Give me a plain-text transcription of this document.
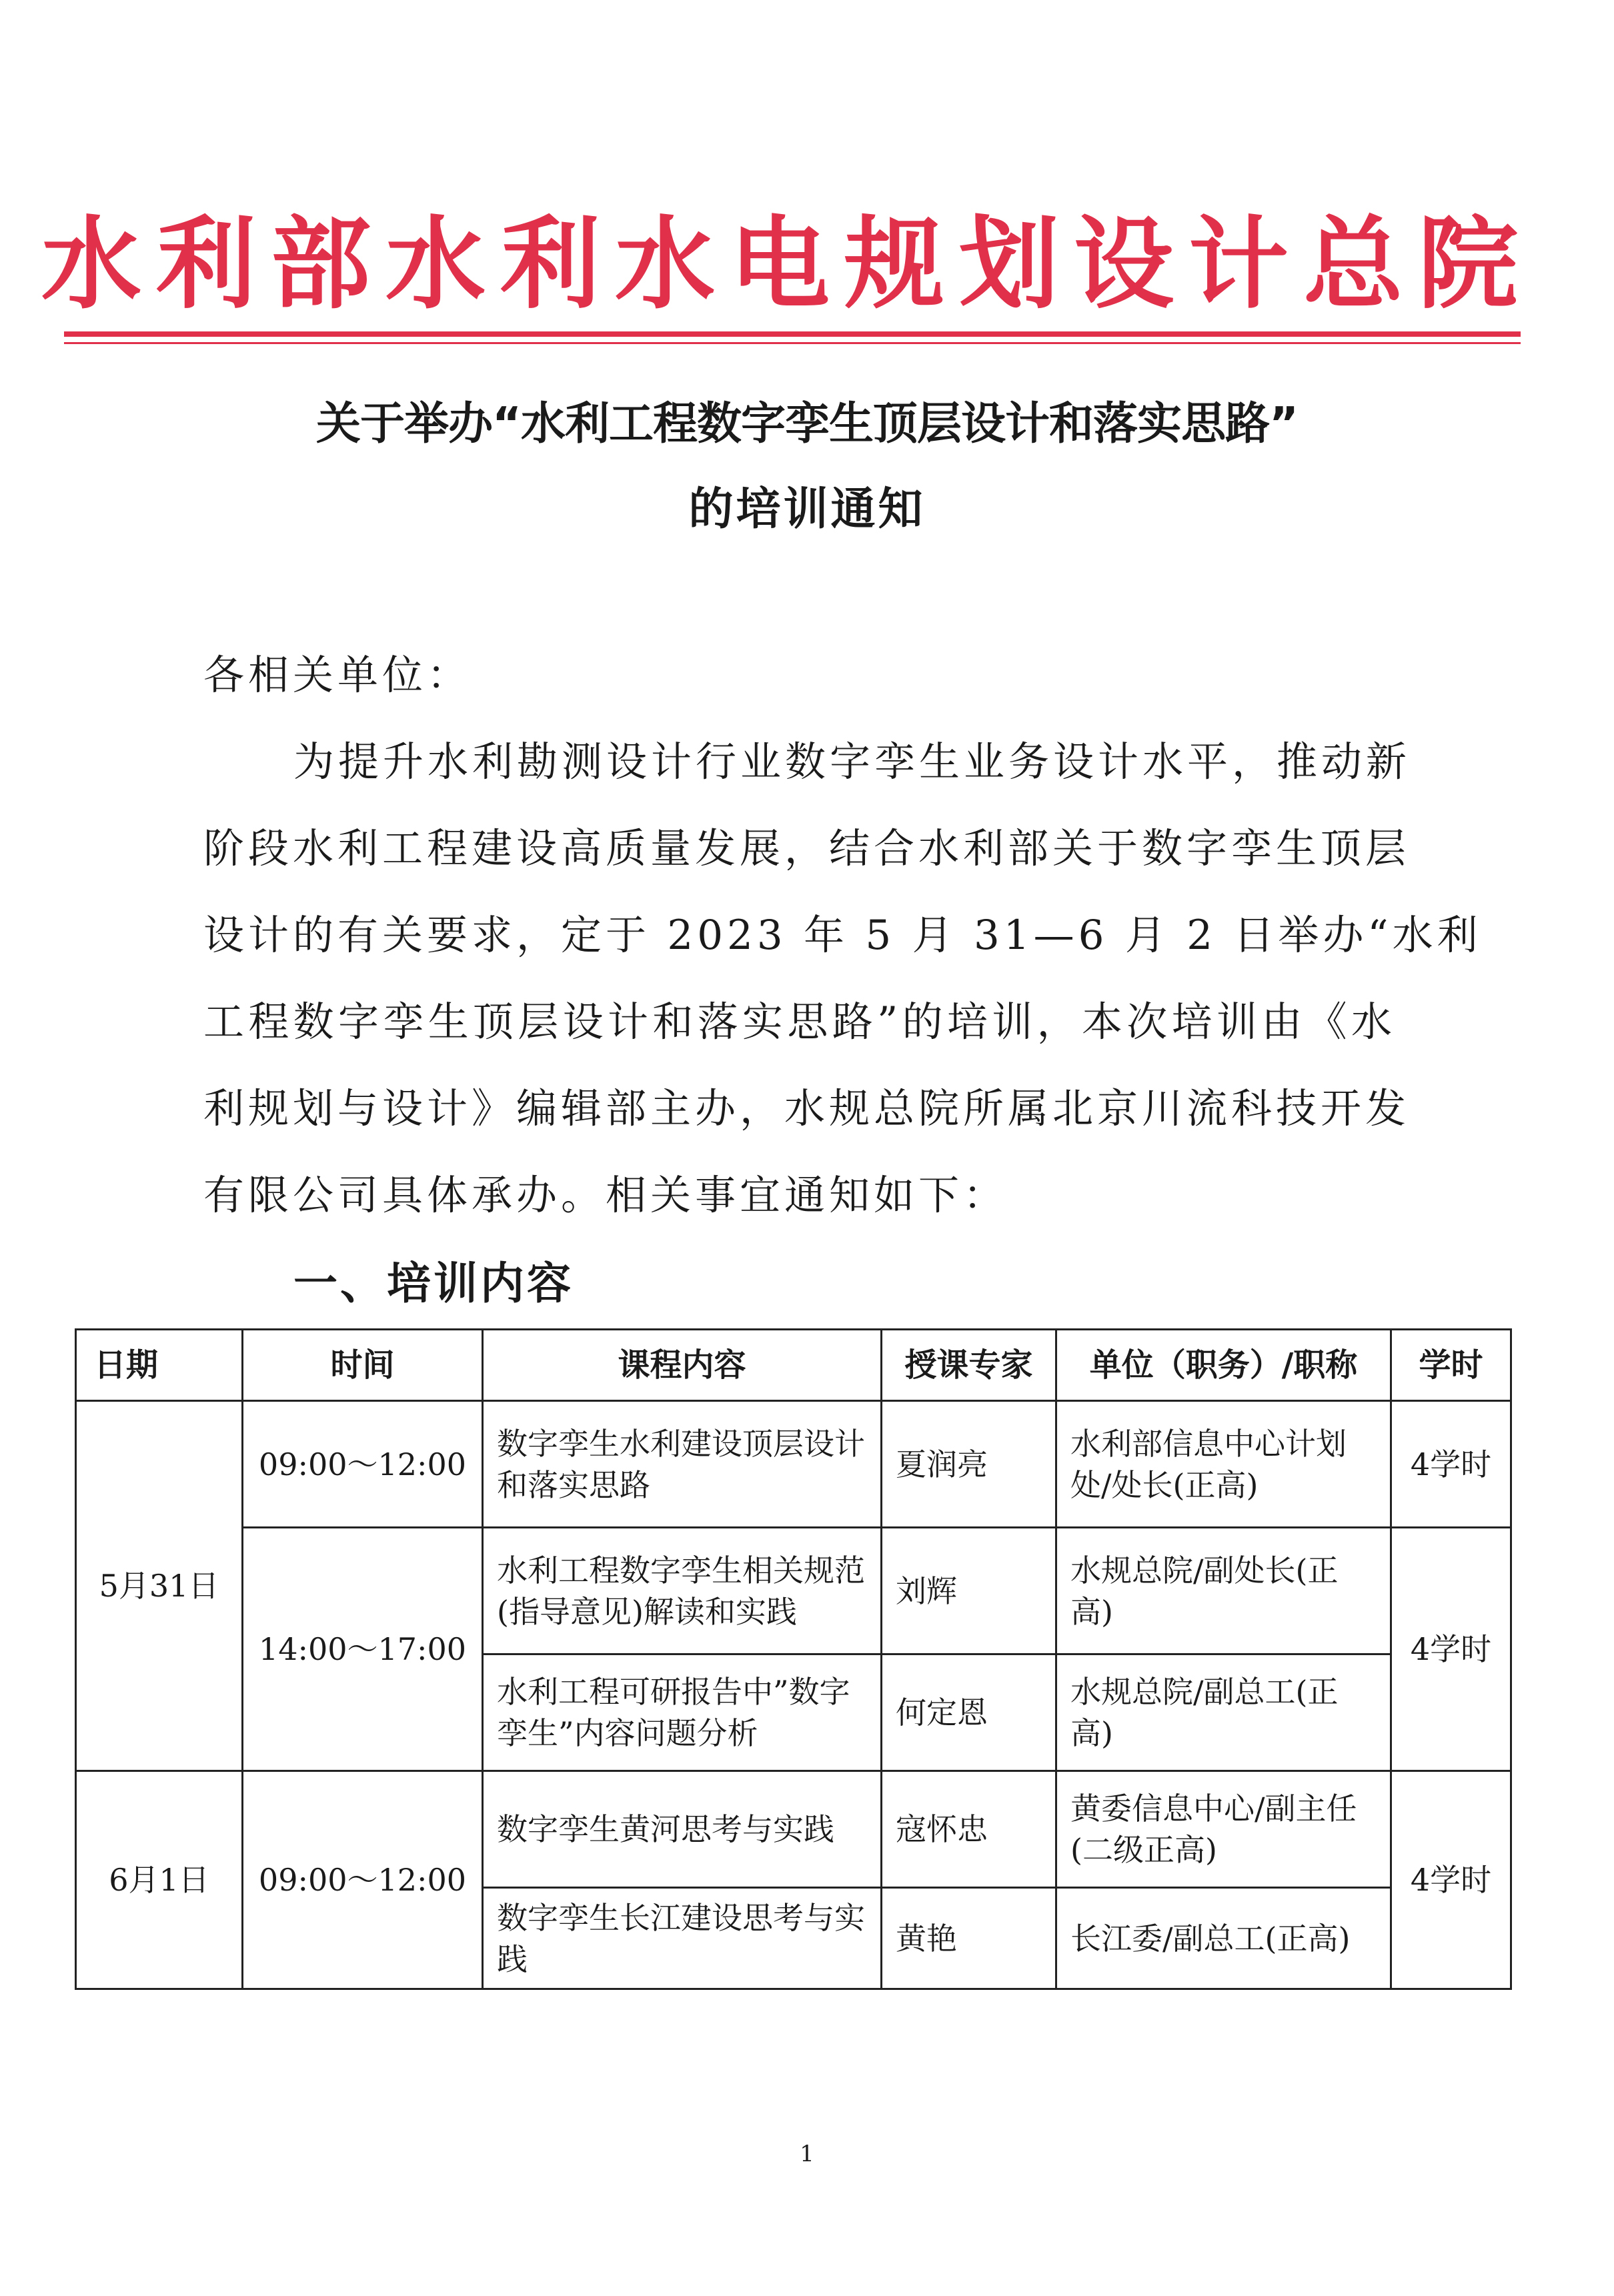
水利部水利水电规划设计总院
关于举办“水利工程数字孪生顶层设计和落实思路”
的培训通知
各相关单位：
为提升水利勘测设计行业数字孪生业务设计水平，推动新
阶段水利工程建设高质量发展，结合水利部关于数字孪生顶层
设计的有关要求，定于 2023 年 5 月 31—6 月 2 日举办“水利
工程数字孪生顶层设计和落实思路”的培训，本次培训由《水
利规划与设计》编辑部主办，水规总院所属北京川流科技开发
有限公司具体承办。相关事宜通知如下：
一、培训内容
日期	时间	课程内容	授课专家	单位（职务）/职称	学时
5月31日	09:00～12:00	数字孪生水利建设顶层设计和落实思路	夏润亮	水利部信息中心计划处/处长(正高)	4学时
	14:00～17:00	水利工程数字孪生相关规范(指导意见)解读和实践	刘辉	水规总院/副处长(正高)	4学时
		水利工程可研报告中”数字孪生”内容问题分析	何定恩	水规总院/副总工(正高)	
6月1日	09:00～12:00	数字孪生黄河思考与实践	寇怀忠	黄委信息中心/副主任(二级正高)	4学时
		数字孪生长江建设思考与实践	黄艳	长江委/副总工(正高)	
1
